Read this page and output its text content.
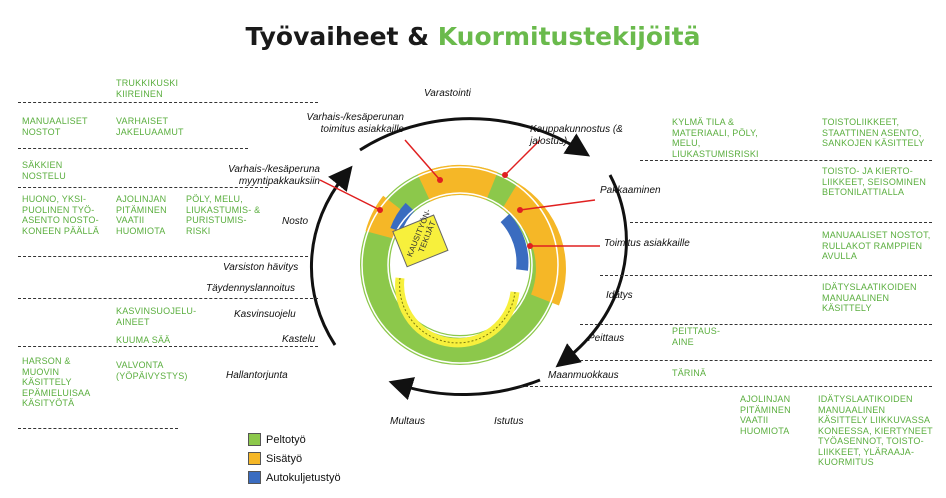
Työvaiheet & Kuormitustekijöitä
KAUSITYÖN-TEKIJÄT
Varastointi
Varhais-/kesäperunan toimitus asiakkaille
Varhais-/kesäperuna myyntipakkauksiin
Nosto
Varsiston hävitys
Täydennyslannoitus
Kasvinsuojelu
Kastelu
Hallantorjunta
Multaus	Istutus
Maanmuokkaus
Peittaus
Idätys
Toimitus asiakkaille
Pakkaaminen
Kauppakunnostus (& jalostus)
TRUKKIKUSKI KIIREINEN
MANUAALISET NOSTOT
VARHAISET JAKELUAAMUT
SÄKKIEN NOSTELU
HUONO, YKSI-PUOLINEN TYÖ-ASENTO NOSTO-KONEEN PÄÄLLÄ
AJOLINJAN PITÄMINEN VAATII HUOMIOTA
PÖLY, MELU, LIUKASTUMIS- & PURISTUMIS-RISKI
KASVINSUOJELU-AINEET
KUUMA SÄÄ
HARSON & MUOVIN KÄSITTELY EPÄMIELUISAA KÄSITYÖTÄ
VALVONTA (YÖPÄIVYSTYS)
KYLMÄ TILA & MATERIAALI, PÖLY, MELU, LIUKASTUMISRISKI
TOISTOLIIKKEET, STAATTINEN ASENTO, SANKOJEN KÄSITTELY
TOISTO- JA KIERTO-LIIKKEET, SEISOMINEN BETONILATTIALLA
MANUAALISET NOSTOT, RULLAKOT RAMPPIEN AVULLA
IDÄTYSLAATIKOIDEN MANUAALINEN KÄSITTELY
PEITTAUS-AINE
TÄRINÄ
AJOLINJAN PITÄMINEN VAATII HUOMIOTA
IDÄTYSLAATIKOIDEN MANUAALINEN KÄSITTELY LIIKKUVASSA KONEESSA, KIERTYNEET TYÖASENNOT, TOISTO-LIIKKEET, YLÄRAAJA-KUORMITUS
Peltotyö
Sisätyö
Autokuljetustyö
